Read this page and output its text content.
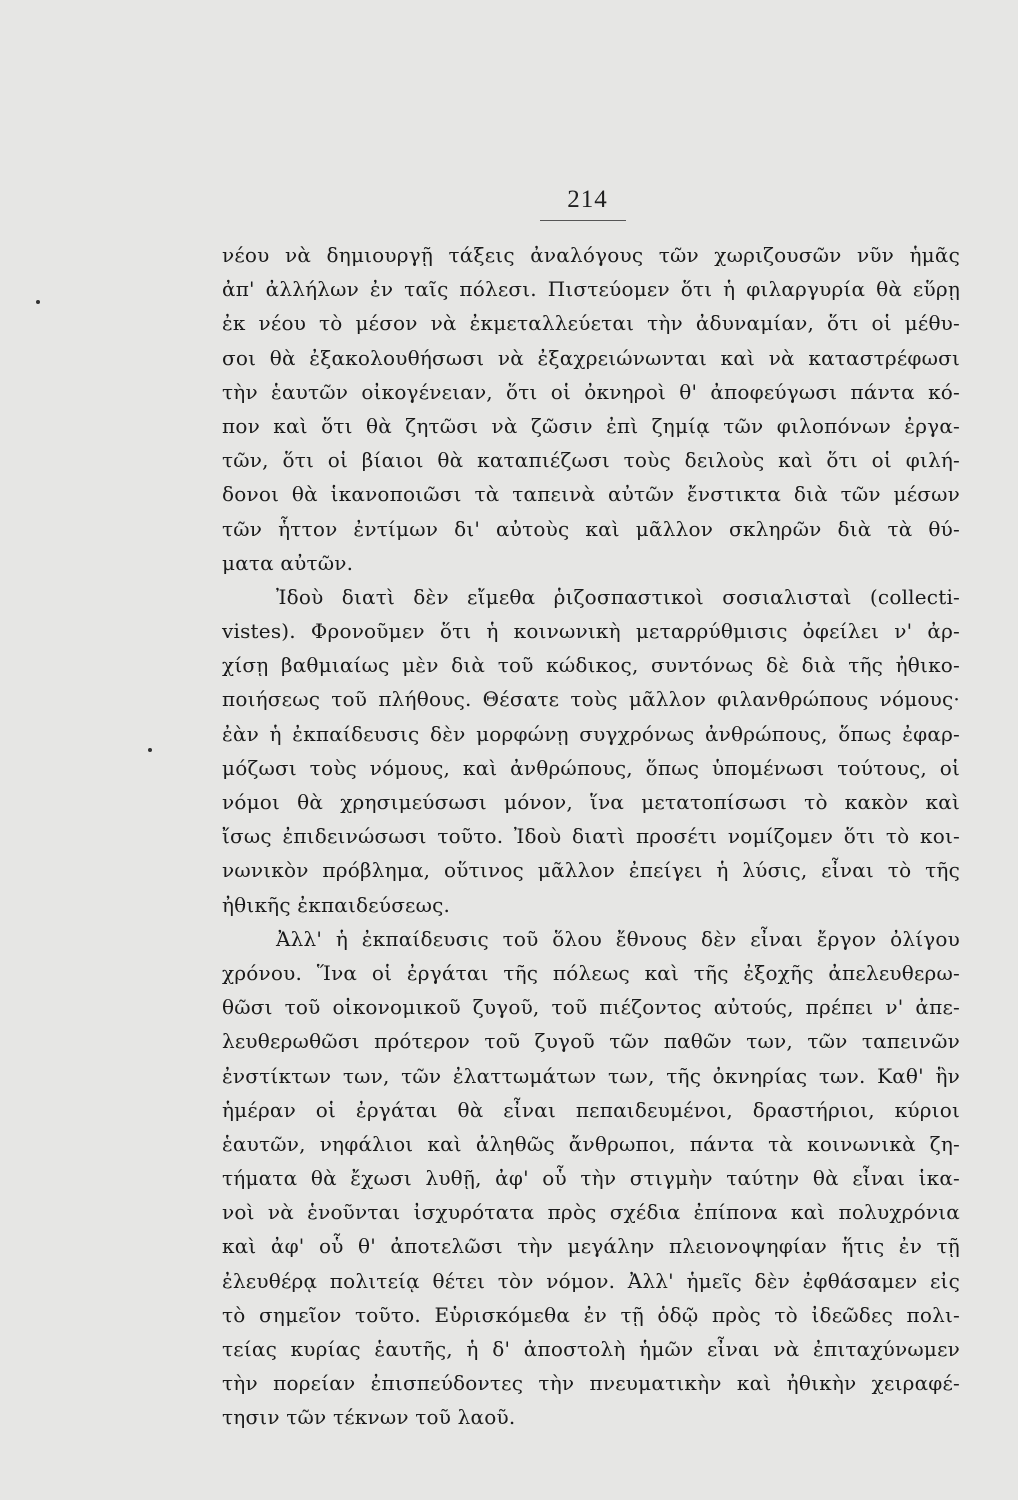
214
νέου νὰ δημιουργῇ τάξεις ἀναλόγους τῶν χωριζουσῶν νῦν ἡμᾶς
ἀπ' ἀλλήλων ἐν ταῖς πόλεσι. Πιστεύομεν ὅτι ἡ φιλαργυρία θὰ εὕρῃ
ἐκ νέου τὸ μέσον νὰ ἐκμεταλλεύεται τὴν ἀδυναμίαν, ὅτι οἱ μέθυ-
σοι θὰ ἐξακολουθήσωσι νὰ ἐξαχρειώνωνται καὶ νὰ καταστρέφωσι
τὴν ἑαυτῶν οἰκογένειαν, ὅτι οἱ ὀκνηροὶ θ' ἀποφεύγωσι πάντα κό-
πον καὶ ὅτι θὰ ζητῶσι νὰ ζῶσιν ἐπὶ ζημίᾳ τῶν φιλοπόνων ἐργα-
τῶν, ὅτι οἱ βίαιοι θὰ καταπιέζωσι τοὺς δειλοὺς καὶ ὅτι οἱ φιλή-
δονοι θὰ ἱκανοποιῶσι τὰ ταπεινὰ αὐτῶν ἔνστικτα διὰ τῶν μέσων
τῶν ἧττον ἐντίμων δι' αὐτοὺς καὶ μᾶλλον σκληρῶν διὰ τὰ θύ-
ματα αὐτῶν.
Ἰδοὺ διατὶ δὲν εἴμεθα ῥιζοσπαστικοὶ σοσιαλισταὶ (collecti-
vistes). Φρονοῦμεν ὅτι ἡ κοινωνικὴ μεταρρύθμισις ὀφείλει ν' ἀρ-
χίσῃ βαθμιαίως μὲν διὰ τοῦ κώδικος, συντόνως δὲ διὰ τῆς ἠθικο-
ποιήσεως τοῦ πλήθους. Θέσατε τοὺς μᾶλλον φιλανθρώπους νόμους·
ἐὰν ἡ ἐκπαίδευσις δὲν μορφώνῃ συγχρόνως ἀνθρώπους, ὅπως ἐφαρ-
μόζωσι τοὺς νόμους, καὶ ἀνθρώπους, ὅπως ὑπομένωσι τούτους, οἱ
νόμοι θὰ χρησιμεύσωσι μόνον, ἵνα μετατοπίσωσι τὸ κακὸν καὶ
ἴσως ἐπιδεινώσωσι τοῦτο. Ἰδοὺ διατὶ προσέτι νομίζομεν ὅτι τὸ κοι-
νωνικὸν πρόβλημα, οὕτινος μᾶλλον ἐπείγει ἡ λύσις, εἶναι τὸ τῆς
ἠθικῆς ἐκπαιδεύσεως.
Ἀλλ' ἡ ἐκπαίδευσις τοῦ ὅλου ἔθνους δὲν εἶναι ἔργον ὀλίγου
χρόνου. Ἵνα οἱ ἐργάται τῆς πόλεως καὶ τῆς ἐξοχῆς ἀπελευθερω-
θῶσι τοῦ οἰκονομικοῦ ζυγοῦ, τοῦ πιέζοντος αὐτούς, πρέπει ν' ἀπε-
λευθερωθῶσι πρότερον τοῦ ζυγοῦ τῶν παθῶν των, τῶν ταπεινῶν
ἐνστίκτων των, τῶν ἐλαττωμάτων των, τῆς ὀκνηρίας των. Καθ' ἣν
ἡμέραν οἱ ἐργάται θὰ εἶναι πεπαιδευμένοι, δραστήριοι, κύριοι
ἑαυτῶν, νηφάλιοι καὶ ἀληθῶς ἄνθρωποι, πάντα τὰ κοινωνικὰ ζη-
τήματα θὰ ἔχωσι λυθῇ, ἀφ' οὗ τὴν στιγμὴν ταύτην θὰ εἶναι ἱκα-
νοὶ νὰ ἑνοῦνται ἰσχυρότατα πρὸς σχέδια ἐπίπονα καὶ πολυχρόνια
καὶ ἀφ' οὗ θ' ἀποτελῶσι τὴν μεγάλην πλειονοψηφίαν ἥτις ἐν τῇ
ἐλευθέρᾳ πολιτείᾳ θέτει τὸν νόμον. Ἀλλ' ἡμεῖς δὲν ἐφθάσαμεν εἰς
τὸ σημεῖον τοῦτο. Εὑρισκόμεθα ἐν τῇ ὁδῷ πρὸς τὸ ἰδεῶδες πολι-
τείας κυρίας ἑαυτῆς, ἡ δ' ἀποστολὴ ἡμῶν εἶναι νὰ ἐπιταχύνωμεν
τὴν πορείαν ἐπισπεύδοντες τὴν πνευματικὴν καὶ ἠθικὴν χειραφέ-
τησιν τῶν τέκνων τοῦ λαοῦ.
